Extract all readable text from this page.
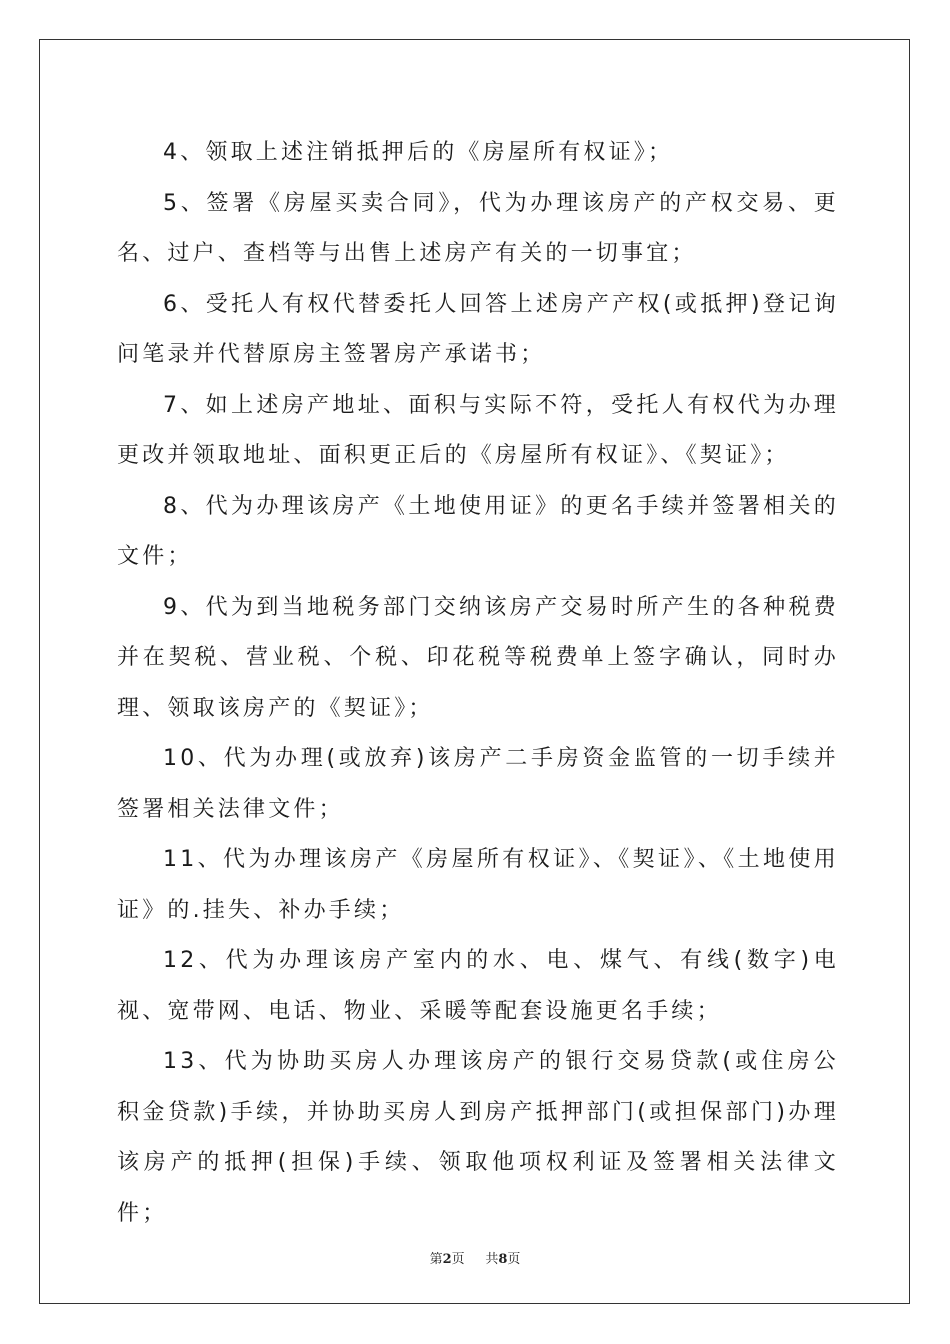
4、领取上述注销抵押后的《房屋所有权证》；

5、签署《房屋买卖合同》，代为办理该房产的产权交易、更名、过户、查档等与出售上述房产有关的一切事宜；

6、受托人有权代替委托人回答上述房产产权(或抵押)登记询问笔录并代替原房主签署房产承诺书；

7、如上述房产地址、面积与实际不符，受托人有权代为办理更改并领取地址、面积更正后的《房屋所有权证》、《契证》；

8、代为办理该房产《土地使用证》的更名手续并签署相关的文件；

9、代为到当地税务部门交纳该房产交易时所产生的各种税费并在契税、营业税、个税、印花税等税费单上签字确认，同时办理、领取该房产的《契证》；

10、代为办理(或放弃)该房产二手房资金监管的一切手续并签署相关法律文件；

11、代为办理该房产《房屋所有权证》、《契证》、《土地使用证》的.挂失、补办手续；

12、代为办理该房产室内的水、电、煤气、有线(数字)电视、宽带网、电话、物业、采暖等配套设施更名手续；

13、代为协助买房人办理该房产的银行交易贷款(或住房公积金贷款)手续，并协助买房人到房产抵押部门(或担保部门)办理该房产的抵押(担保)手续、领取他项权利证及签署相关法律文件；

第2页 共8页
